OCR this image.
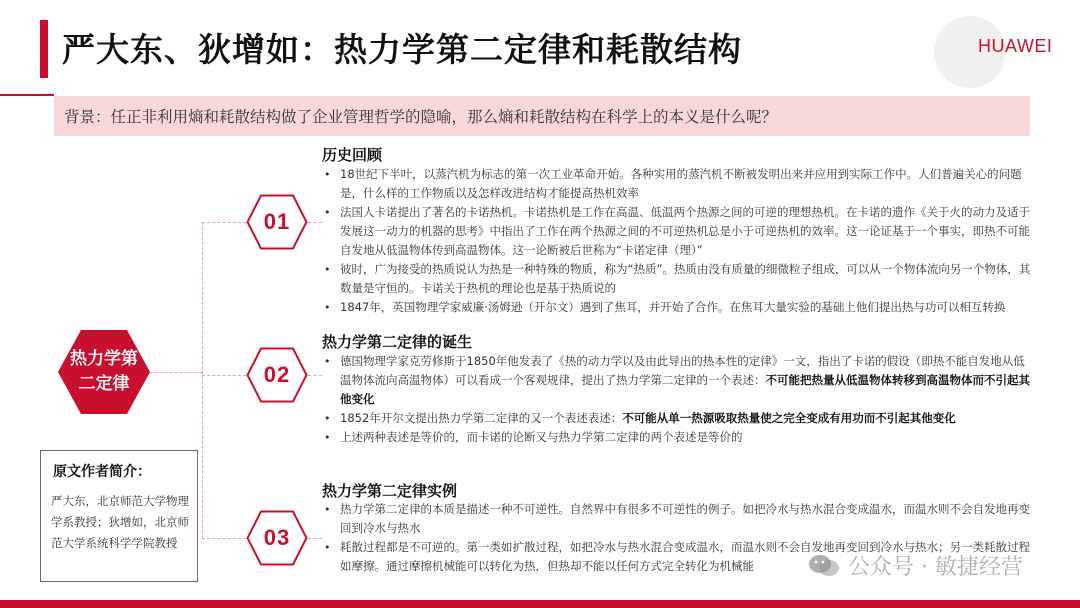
严大东、狄增如：热力学第二定律和耗散结构	HUAWEI
背景：任正非利用熵和耗散结构做了企业管理哲学的隐喻，那么熵和耗散结构在科学上的本义是什么呢？
热力学第
二定律
01
02
03
历史回顾
• 18世纪下半叶，以蒸汽机为标志的第一次工业革命开始。各种实用的蒸汽机不断被发明出来并应用到实际工作中。人们普遍关心的问题是，什么样的工作物质以及怎样改进结构才能提高热机效率
• 法国人卡诺提出了著名的卡诺热机。卡诺热机是工作在高温、低温两个热源之间的可逆的理想热机。在卡诺的遗作《关于火的动力及适于发展这一动力的机器的思考》中指出了工作在两个热源之间的不可逆热机总是小于可逆热机的效率。这一论证基于一个事实，即热不可能自发地从低温物体传到高温物体。这一论断被后世称为“卡诺定律（理）”
• 彼时，广为接受的热质说认为热是一种特殊的物质，称为“热质”。热质由没有质量的细微粒子组成，可以从一个物体流向另一个物体，其数量是守恒的。卡诺关于热机的理论也是基于热质说的
• 1847年，英国物理学家威廉·汤姆逊（开尔文）遇到了焦耳，并开始了合作。在焦耳大量实验的基础上他们提出热与功可以相互转换
热力学第二定律的诞生
• 德国物理学家克劳修斯于1850年他发表了《热的动力学以及由此导出的热本性的定律》一文，指出了卡诺的假设（即热不能自发地从低温物体流向高温物体）可以看成一个客观规律，提出了热力学第二定律的一个表述：不可能把热量从低温物体转移到高温物体而不引起其他变化
• 1852年开尔文提出热力学第二定律的又一个表述表述：不可能从单一热源吸取热量使之完全变成有用功而不引起其他变化
• 上述两种表述是等价的，而卡诺的论断又与热力学第二定律的两个表述是等价的
热力学第二定律实例
• 热力学第二定律的本质是描述一种不可逆性。自然界中有很多不可逆性的例子。如把冷水与热水混合变成温水，而温水则不会自发地再变回到冷水与热水
• 耗散过程都是不可逆的。第一类如扩散过程，如把冷水与热水混合变成温水，而温水则不会自发地再变回到冷水与热水；另一类耗散过程如摩擦。通过摩擦机械能可以转化为热，但热却不能以任何方式完全转化为机械能
原文作者简介：
严大东，北京师范大学物理学系教授；狄增如，北京师范大学系统科学学院教授
公众号 · 敏捷经营
